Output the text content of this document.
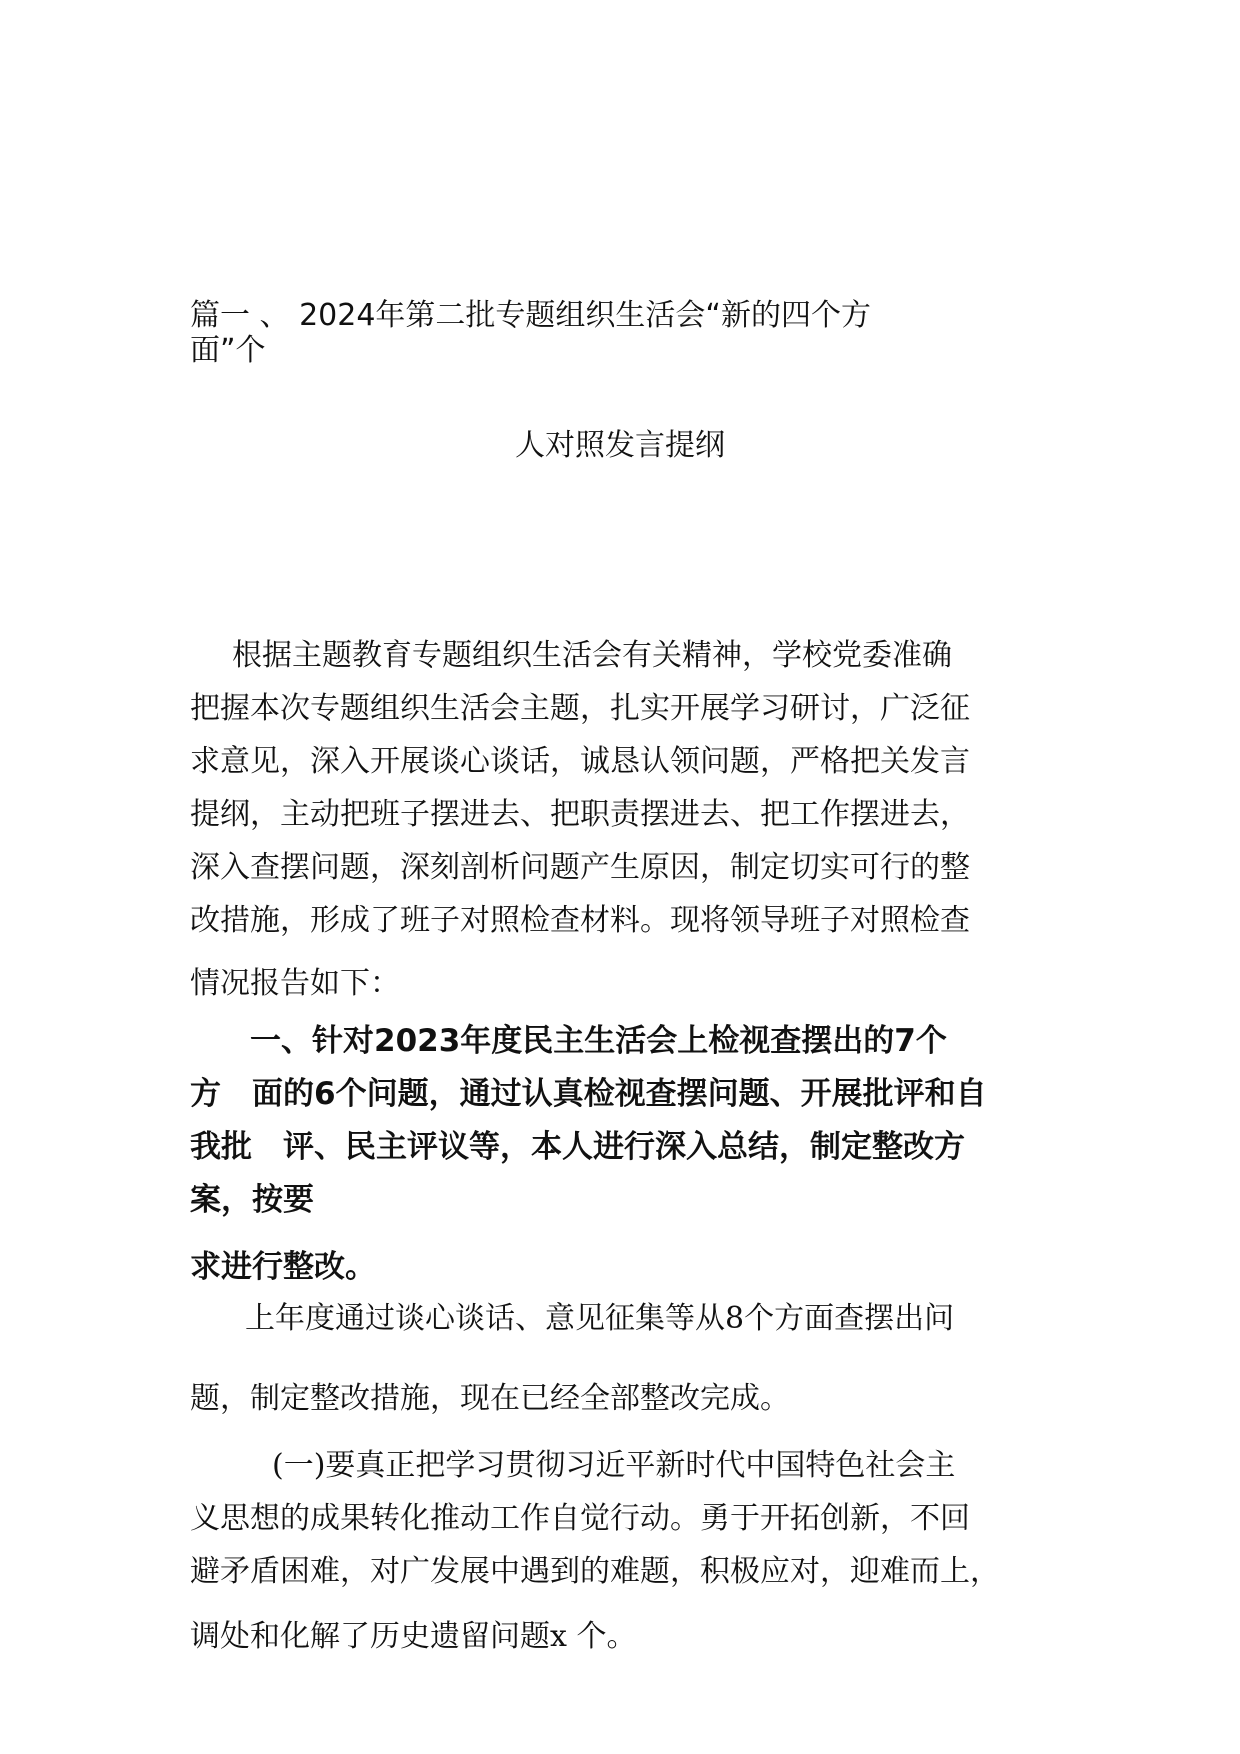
篇一 、 2024年第二批专题组织生活会“新的四个方
面”个
人对照发言提纲
根据主题教育专题组织生活会有关精神，学校党委准确
把握本次专题组织生活会主题，扎实开展学习研讨，广泛征
求意见，深入开展谈心谈话，诚恳认领问题，严格把关发言
提纲，主动把班子摆进去、把职责摆进去、把工作摆进去，
深入查摆问题，深刻剖析问题产生原因，制定切实可行的整
改措施，形成了班子对照检查材料。现将领导班子对照检查
情况报告如下：
一、针对2023年度民主生活会上检视查摆出的7个
方　面的6个问题，通过认真检视查摆问题、开展批评和自
我批　评、民主评议等，本人进行深入总结，制定整改方
案，按要
求进行整改。
上年度通过谈心谈话、意见征集等从8个方面查摆出问
题，制定整改措施，现在已经全部整改完成。
(一)要真正把学习贯彻习近平新时代中国特色社会主
义思想的成果转化推动工作自觉行动。勇于开拓创新，不回
避矛盾困难，对广发展中遇到的难题，积极应对，迎难而上，
调处和化解了历史遗留问题x 个。
